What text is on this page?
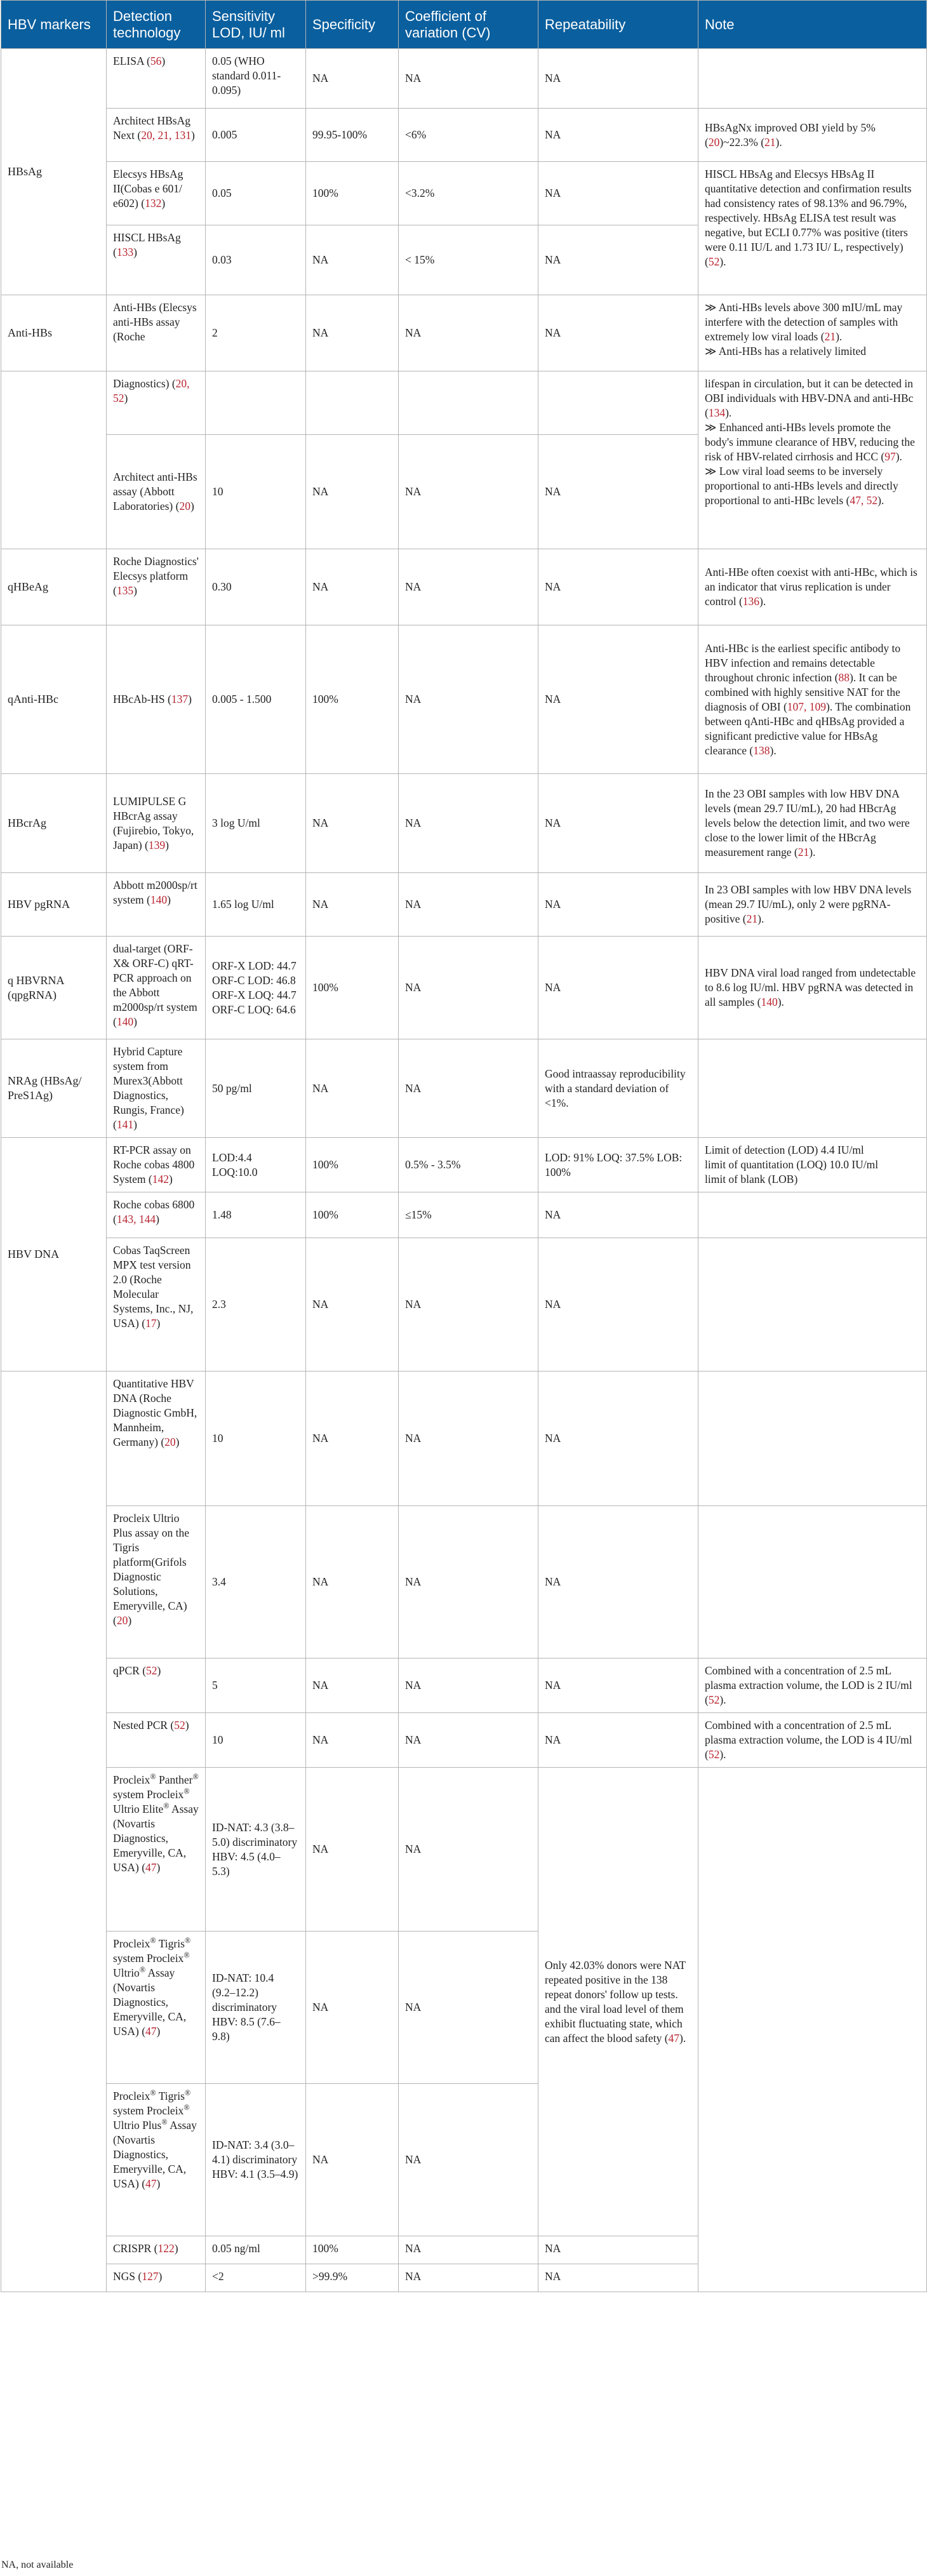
HBV markers	Detection technology	Sensitivity LOD, IU/ ml	Specificity	Coefficient of variation (CV)	Repeatability	Note
HBsAg	ELISA (56)	0.05 (WHO standard 0.011-0.095)	NA	NA	NA	
	Architect HBsAg Next (20, 21, 131)	0.005	99.95-100%	<6%	NA	HBsAgNx improved OBI yield by 5% (20)~22.3% (21).
	Elecsys HBsAg II(Cobas e 601/ e602) (132)	0.05	100%	<3.2%	NA	HISCL HBsAg and Elecsys HBsAg II quantitative detection and confirmation results had consistency rates of 98.13% and 96.79%, respectively. HBsAg ELISA test result was negative, but ECLI 0.77% was positive (titers were 0.11 IU/L and 1.73 IU/ L, respectively) (52).
	HISCL HBsAg (133)	0.03	NA	< 15%	NA	
Anti-HBs	Anti-HBs (Elecsys anti-HBs assay (Roche	2	NA	NA	NA	≫ Anti-HBs levels above 300 mIU/mL may interfere with the detection of samples with extremely low viral loads (21).
≫ Anti-HBs has a relatively limited

	Diagnostics) (20, 52)					lifespan in circulation, but it can be detected in OBI individuals with HBV-DNA and anti-HBc (134).
≫ Enhanced anti-HBs levels promote the body's immune clearance of HBV, reducing the risk of HBV-related cirrhosis and HCC (97).
≫ Low viral load seems to be inversely proportional to anti-HBs levels and directly proportional to anti-HBc levels (47, 52).

	Architect anti-HBs assay (Abbott Laboratories) (20)	10	NA	NA	NA	
qHBeAg	Roche Diagnostics' Elecsys platform (135)	0.30	NA	NA	NA	Anti-HBe often coexist with anti-HBc, which is an indicator that virus replication is under control (136).
qAnti-HBc	HBcAb-HS (137)	0.005 - 1.500	100%	NA	NA	Anti-HBc is the earliest specific antibody to HBV infection and remains detectable throughout chronic infection (88). It can be combined with highly sensitive NAT for the diagnosis of OBI (107, 109). The combination between qAnti-HBc and qHBsAg provided a significant predictive value for HBsAg clearance (138).
HBcrAg	LUMIPULSE G HBcrAg assay (Fujirebio, Tokyo, Japan) (139)	3 log U/ml	NA	NA	NA	In the 23 OBI samples with low HBV DNA levels (mean 29.7 IU/mL), 20 had HBcrAg levels below the detection limit, and two were close to the lower limit of the HBcrAg measurement range (21).
HBV pgRNA	Abbott m2000sp/rt system (140)	1.65 log U/ml	NA	NA	NA	In 23 OBI samples with low HBV DNA levels (mean 29.7 IU/mL), only 2 were pgRNA-positive (21).
q HBVRNA (qpgRNA)	dual-target (ORF-X& ORF-C) qRT-PCR approach on the Abbott m2000sp/rt system (140)	ORF-X LOD: 44.7 ORF-C LOD: 46.8 ORF-X LOQ: 44.7 ORF-C LOQ: 64.6	100%	NA	NA	HBV DNA viral load ranged from undetectable to 8.6 log IU/ml. HBV pgRNA was detected in all samples (140).
NRAg (HBsAg/ PreS1Ag)	Hybrid Capture system from Murex3(Abbott Diagnostics, Rungis, France) (141)	50 pg/ml	NA	NA	Good intraassay reproducibility with a standard deviation of <1%.	
HBV DNA	RT-PCR assay on Roche cobas 4800 System (142)	LOD:4.4 LOQ:10.0	100%	0.5% - 3.5%	LOD: 91% LOQ: 37.5% LOB: 100%	Limit of detection (LOD) 4.4 IU/ml
limit of quantitation (LOQ) 10.0 IU/ml
limit of blank (LOB)

	Roche cobas 6800 (143, 144)	1.48	100%	≤15%	NA	
	Cobas TaqScreen MPX test version 2.0 (Roche Molecular Systems, Inc., NJ, USA) (17)	2.3	NA	NA	NA	
	Quantitative HBV DNA (Roche Diagnostic GmbH, Mannheim, Germany) (20)	10	NA	NA	NA	
	Procleix Ultrio Plus assay on the Tigris platform(Grifols Diagnostic Solutions, Emeryville, CA) (20)	3.4	NA	NA	NA	
	qPCR (52)	5	NA	NA	NA	Combined with a concentration of 2.5 mL plasma extraction volume, the LOD is 2 IU/ml (52).
	Nested PCR (52)	10	NA	NA	NA	Combined with a concentration of 2.5 mL plasma extraction volume, the LOD is 4 IU/ml (52).
	Procleix® Panther® system Procleix® Ultrio Elite® Assay (Novartis Diagnostics, Emeryville, CA, USA) (47)	ID-NAT: 4.3 (3.8–5.0) discriminatory HBV: 4.5 (4.0– 5.3)	NA	NA	Only 42.03% donors were NAT repeated positive in the 138 repeat donors' follow up tests. and the viral load level of them exhibit fluctuating state, which can affect the blood safety (47).	
	Procleix® Tigris® system Procleix® Ultrio® Assay (Novartis Diagnostics, Emeryville, CA, USA) (47)	ID-NAT: 10.4 (9.2–12.2) discriminatory HBV: 8.5 (7.6– 9.8)	NA	NA		
	Procleix® Tigris® system Procleix® Ultrio Plus® Assay (Novartis Diagnostics, Emeryville, CA, USA) (47)	ID-NAT: 3.4 (3.0–4.1) discriminatory HBV: 4.1 (3.5–4.9)	NA	NA		
	CRISPR (122)	0.05 ng/ml	100%	NA	NA	
	NGS (127)	<2	>99.9%	NA	NA	
NA, not available
